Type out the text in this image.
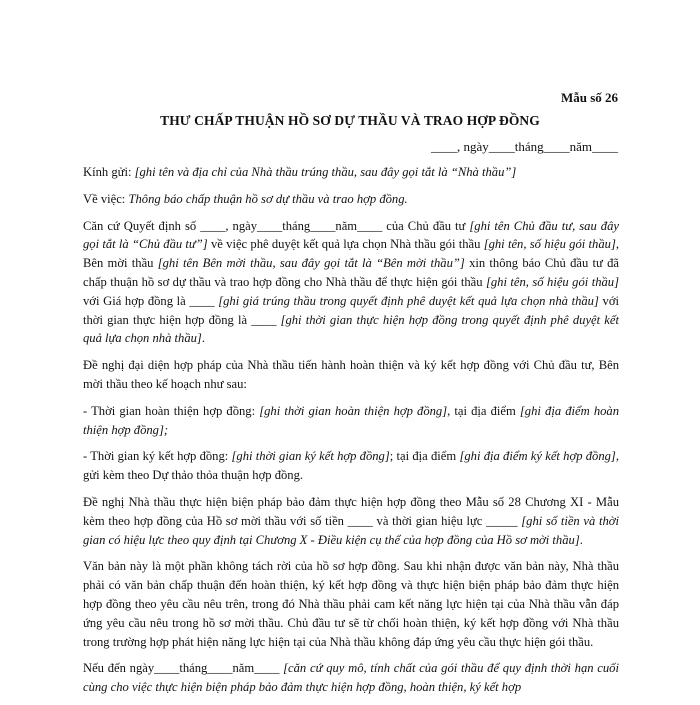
Mẫu số 26
THƯ CHẤP THUẬN HỒ SƠ DỰ THẦU VÀ TRAO HỢP ĐỒNG
____, ngày____tháng____năm____

Kính gửi: [ghi tên và địa chỉ của Nhà thầu trúng thầu, sau đây gọi tắt là “Nhà thầu”]

Về việc: Thông báo chấp thuận hồ sơ dự thầu và trao hợp đồng.

Căn cứ Quyết định số ____, ngày____tháng____năm____ của Chủ đầu tư [ghi tên Chủ đầu tư, sau đây gọi tắt là “Chủ đầu tư”] về việc phê duyệt kết quả lựa chọn Nhà thầu gói thầu [ghi tên, số hiệu gói thầu], Bên mời thầu [ghi tên Bên mời thầu, sau đây gọi tắt là “Bên mời thầu”] xin thông báo Chủ đầu tư đã chấp thuận hồ sơ dự thầu và trao hợp đồng cho Nhà thầu để thực hiện gói thầu [ghi tên, số hiệu gói thầu] với Giá hợp đồng là ____ [ghi giá trúng thầu trong quyết định phê duyệt kết quả lựa chọn nhà thầu] với thời gian thực hiện hợp đồng là ____ [ghi thời gian thực hiện hợp đồng trong quyết định phê duyệt kết quả lựa chọn nhà thầu].

Đề nghị đại diện hợp pháp của Nhà thầu tiến hành hoàn thiện và ký kết hợp đồng với Chủ đầu tư, Bên mời thầu theo kế hoạch như sau:

- Thời gian hoàn thiện hợp đồng: [ghi thời gian hoàn thiện hợp đồng], tại địa điểm [ghi địa điểm hoàn thiện hợp đồng];

- Thời gian ký kết hợp đồng: [ghi thời gian ký kết hợp đồng]; tại địa điểm [ghi địa điểm ký kết hợp đồng], gửi kèm theo Dự thảo thỏa thuận hợp đồng.

Đề nghị Nhà thầu thực hiện biện pháp bảo đảm thực hiện hợp đồng theo Mẫu số 28 Chương XI - Mẫu kèm theo hợp đồng của Hồ sơ mời thầu với số tiền ____ và thời gian hiệu lực _____ [ghi số tiền và thời gian có hiệu lực theo quy định tại Chương X - Điều kiện cụ thể của hợp đồng của Hồ sơ mời thầu].

Văn bản này là một phần không tách rời của hồ sơ hợp đồng. Sau khi nhận được văn bản này, Nhà thầu phải có văn bản chấp thuận đến hoàn thiện, ký kết hợp đồng và thực hiện biện pháp bảo đảm thực hiện hợp đồng theo yêu cầu nêu trên, trong đó Nhà thầu phải cam kết năng lực hiện tại của Nhà thầu vẫn đáp ứng yêu cầu nêu trong hồ sơ mời thầu. Chủ đầu tư sẽ từ chối hoàn thiện, ký kết hợp đồng với Nhà thầu trong trường hợp phát hiện năng lực hiện tại của Nhà thầu không đáp ứng yêu cầu thực hiện gói thầu.

Nếu đến ngày____tháng____năm____ [căn cứ quy mô, tính chất của gói thầu để quy định thời hạn cuối cùng cho việc thực hiện biện pháp bảo đảm thực hiện hợp đồng, hoàn thiện, ký kết hợp
